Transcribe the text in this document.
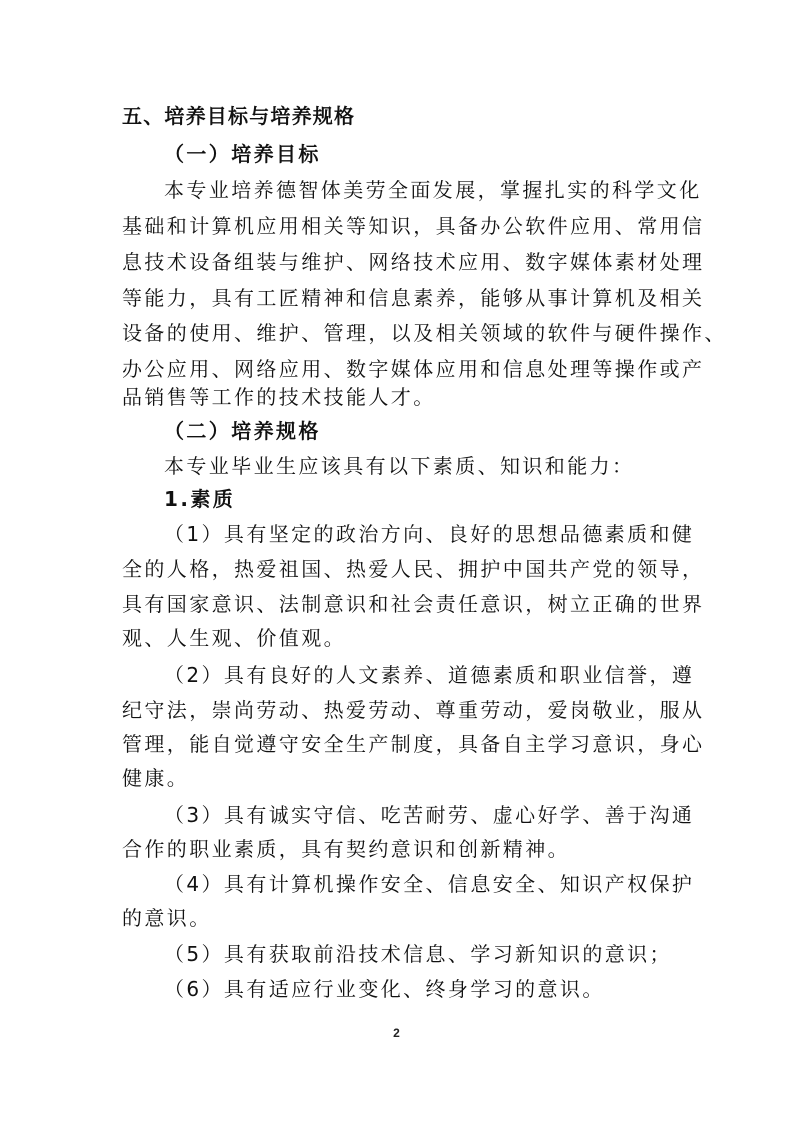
五、培养目标与培养规格
（一）培养目标
本专业培养德智体美劳全面发展，掌握扎实的科学文化
基础和计算机应用相关等知识，具备办公软件应用、常用信
息技术设备组装与维护、网络技术应用、数字媒体素材处理
等能力，具有工匠精神和信息素养，能够从事计算机及相关
设备的使用、维护、管理，以及相关领域的软件与硬件操作、
办公应用、网络应用、数字媒体应用和信息处理等操作或产
品销售等工作的技术技能人才。
（二）培养规格
本专业毕业生应该具有以下素质、知识和能力：
1.素质
（1）具有坚定的政治方向、良好的思想品德素质和健
全的人格，热爱祖国、热爱人民、拥护中国共产党的领导，
具有国家意识、法制意识和社会责任意识，树立正确的世界
观、人生观、价值观。
（2）具有良好的人文素养、道德素质和职业信誉，遵
纪守法，崇尚劳动、热爱劳动、尊重劳动，爱岗敬业，服从
管理，能自觉遵守安全生产制度，具备自主学习意识，身心
健康。
（3）具有诚实守信、吃苦耐劳、虚心好学、善于沟通
合作的职业素质，具有契约意识和创新精神。
（4）具有计算机操作安全、信息安全、知识产权保护
的意识。
（5）具有获取前沿技术信息、学习新知识的意识；
（6）具有适应行业变化、终身学习的意识。
2
